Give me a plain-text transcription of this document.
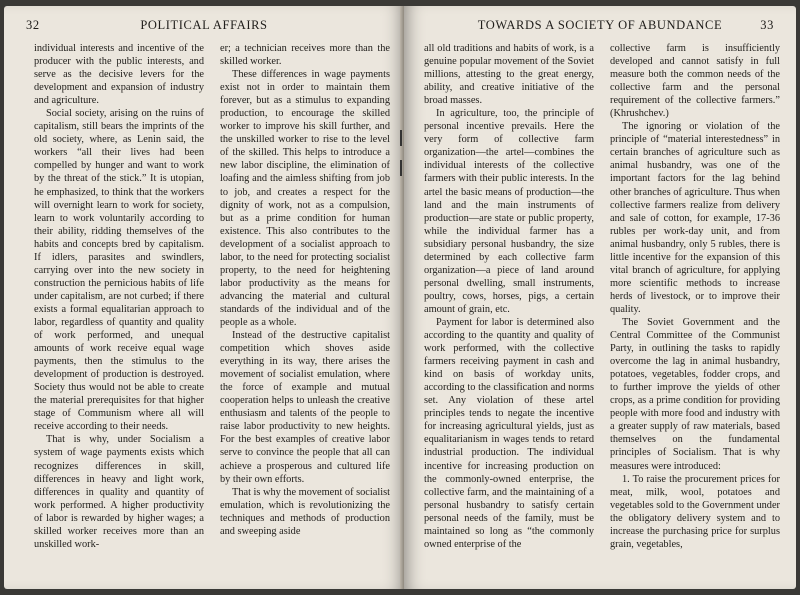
32	POLITICAL AFFAIRS

individual interests and incentive of the producer with the public interests, and serve as the decisive levers for the development and expansion of industry and agriculture.

Social society, arising on the ruins of capitalism, still bears the imprints of the old society, where, as Lenin said, the workers “all their lives had been compelled by hunger and want to work by the threat of the stick.” It is utopian, he emphasized, to think that the workers will overnight learn to work for society, learn to work voluntarily according to their ability, ridding themselves of the habits and concepts bred by capitalism. If idlers, parasites and swindlers, carrying over into the new society in construction the pernicious habits of life under capitalism, are not curbed; if there exists a formal equalitarian approach to labor, regardless of quantity and quality of work performed, and unequal amounts of work receive equal wage payments, then the stimulus to the development of production is destroyed. Society thus would not be able to create the material prerequisites for that higher stage of Communism where all will receive according to their needs.

That is why, under Socialism a system of wage payments exists which recognizes differences in skill, differences in heavy and light work, differences in quality and quantity of work performed. A higher productivity of labor is rewarded by higher wages; a skilled worker receives more than an unskilled work-

er; a technician receives more than the skilled worker.

These differences in wage payments exist not in order to maintain them forever, but as a stimulus to expanding production, to encourage the skilled worker to improve his skill further, and the unskilled worker to rise to the level of the skilled. This helps to introduce a new labor discipline, the elimination of loafing and the aimless shifting from job to job, and creates a respect for the dignity of work, not as a compulsion, but as a prime condition for human existence. This also contributes to the development of a socialist approach to labor, to the need for protecting socialist property, to the need for heightening labor productivity as the means for advancing the material and cultural standards of the individual and of the people as a whole.

Instead of the destructive capitalist competition which shoves aside everything in its way, there arises the movement of socialist emulation, where the force of example and mutual cooperation helps to unleash the creative enthusiasm and talents of the people to raise labor productivity to new heights. For the best examples of creative labor serve to convince the people that all can achieve a prosperous and cultured life by their own efforts.

That is why the movement of socialist emulation, which is revolutionizing the techniques and methods of production and sweeping aside

TOWARDS A SOCIETY OF ABUNDANCE	33

all old traditions and habits of work, is a genuine popular movement of the Soviet millions, attesting to the great energy, ability, and creative initiative of the broad masses.

In agriculture, too, the principle of personal incentive prevails. Here the very form of collective farm organization—the artel—combines the individual interests of the collective farmers with their public interests. In the artel the basic means of production—the land and the main instruments of production—are state or public property, while the individual farmer has a subsidiary personal husbandry, the size determined by each collective farm organization—a piece of land around personal dwelling, small instruments, poultry, cows, horses, pigs, a certain amount of grain, etc.

Payment for labor is determined also according to the quantity and quality of work performed, with the collective farmers receiving payment in cash and kind on basis of workday units, according to the classification and norms set. Any violation of these artel principles tends to negate the incentive for increasing agricultural yields, just as equalitarianism in wages tends to retard industrial production. The individual incentive for increasing production on the commonly-owned enterprise, the collective farm, and the maintaining of a personal husbandry to satisfy certain personal needs of the family, must be maintained so long as “the commonly owned enterprise of the

collective farm is insufficiently developed and cannot satisfy in full measure both the common needs of the collective farm and the personal requirement of the collective farmers.” (Khrushchev.)

The ignoring or violation of the principle of “material interestedness” in certain branches of agriculture such as animal husbandry, was one of the important factors for the lag behind other branches of agriculture. Thus when collective farmers realize from delivery and sale of cotton, for example, 17-36 rubles per work-day unit, and from animal husbandry, only 5 rubles, there is little incentive for the expansion of this vital branch of agriculture, for applying more scientific methods to increase herds of livestock, or to improve their quality.

The Soviet Government and the Central Committee of the Communist Party, in outlining the tasks to rapidly overcome the lag in animal husbandry, potatoes, vegetables, fodder crops, and to further improve the yields of other crops, as a prime condition for providing people with more food and industry with a greater supply of raw materials, based themselves on the fundamental principles of Socialism. That is why measures were introduced:

1. To raise the procurement prices for meat, milk, wool, potatoes and vegetables sold to the Government under the obligatory delivery system and to increase the purchasing price for surplus grain, vegetables,
